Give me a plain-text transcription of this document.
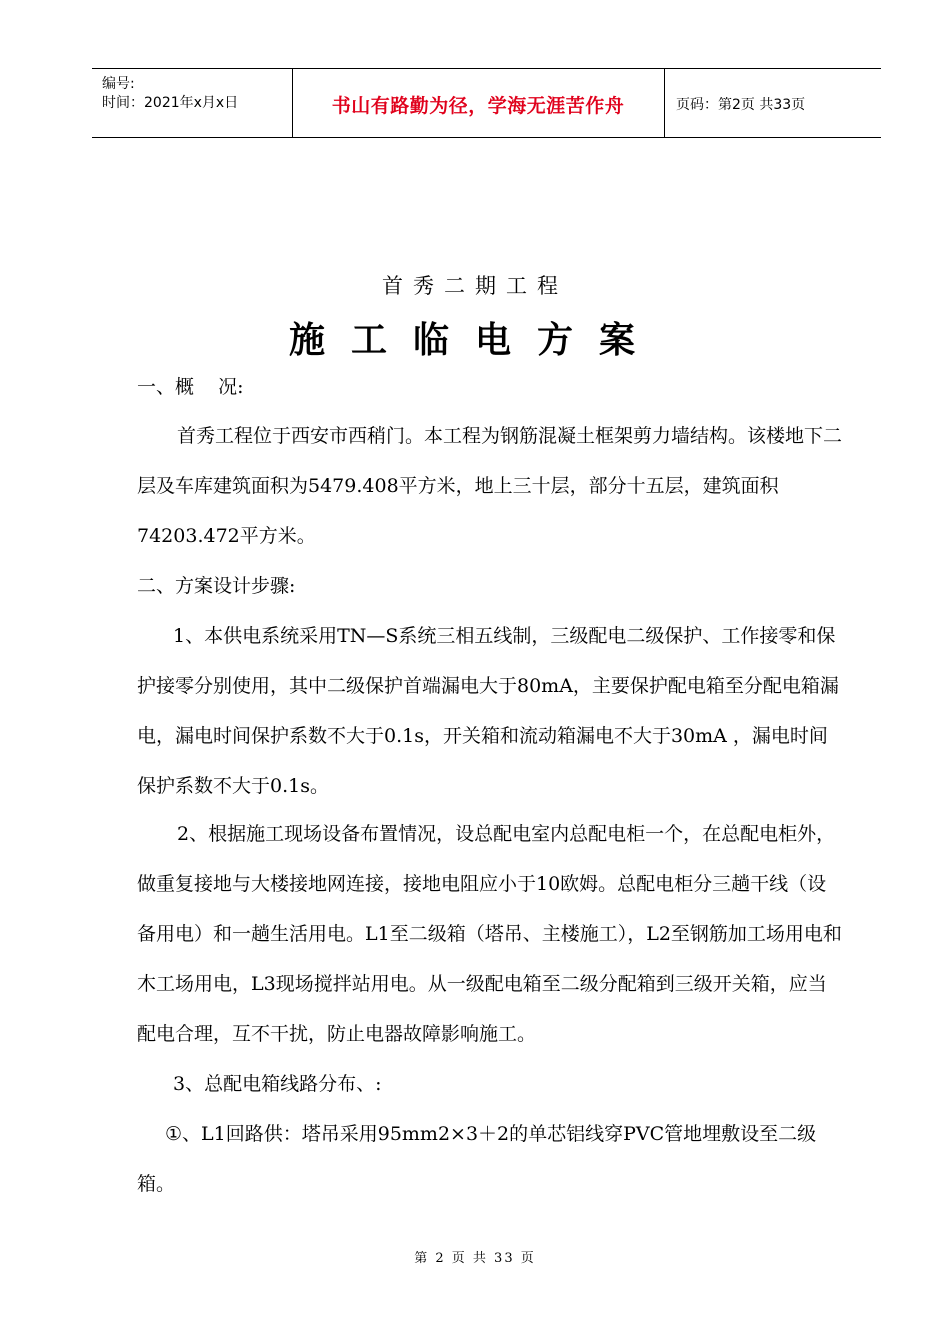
编号:
时间：2021年x月x日	书山有路勤为径，学海无涯苦作舟	页码：第2页 共33页
首秀二期工程
施工临电方案
一、概    况:

首秀工程位于西安市西稍门。本工程为钢筋混凝土框架剪力墙结构。该楼地下二层及车库建筑面积为5479.408平方米，地上三十层，部分十五层，建筑面积74203.472平方米。

二、方案设计步骤:

1、本供电系统采用TN—S系统三相五线制，三级配电二级保护、工作接零和保护接零分别使用，其中二级保护首端漏电大于80mA，主要保护配电箱至分配电箱漏电，漏电时间保护系数不大于0.1s，开关箱和流动箱漏电不大于30mA ，漏电时间保护系数不大于0.1s。

2、根据施工现场设备布置情况，设总配电室内总配电柜一个，在总配电柜外，做重复接地与大楼接地网连接，接地电阻应小于10欧姆。总配电柜分三趟干线（设备用电）和一趟生活用电。L1至二级箱（塔吊、主楼施工），L2至钢筋加工场用电和木工场用电，L3现场搅拌站用电。从一级配电箱至二级分配箱到三级开关箱，应当配电合理，互不干扰，防止电器故障影响施工。

3、总配电箱线路分布、:

①、L1回路供：塔吊采用95mm2×3＋2的单芯铝线穿PVC管地埋敷设至二级箱。

第 2 页 共 33 页
